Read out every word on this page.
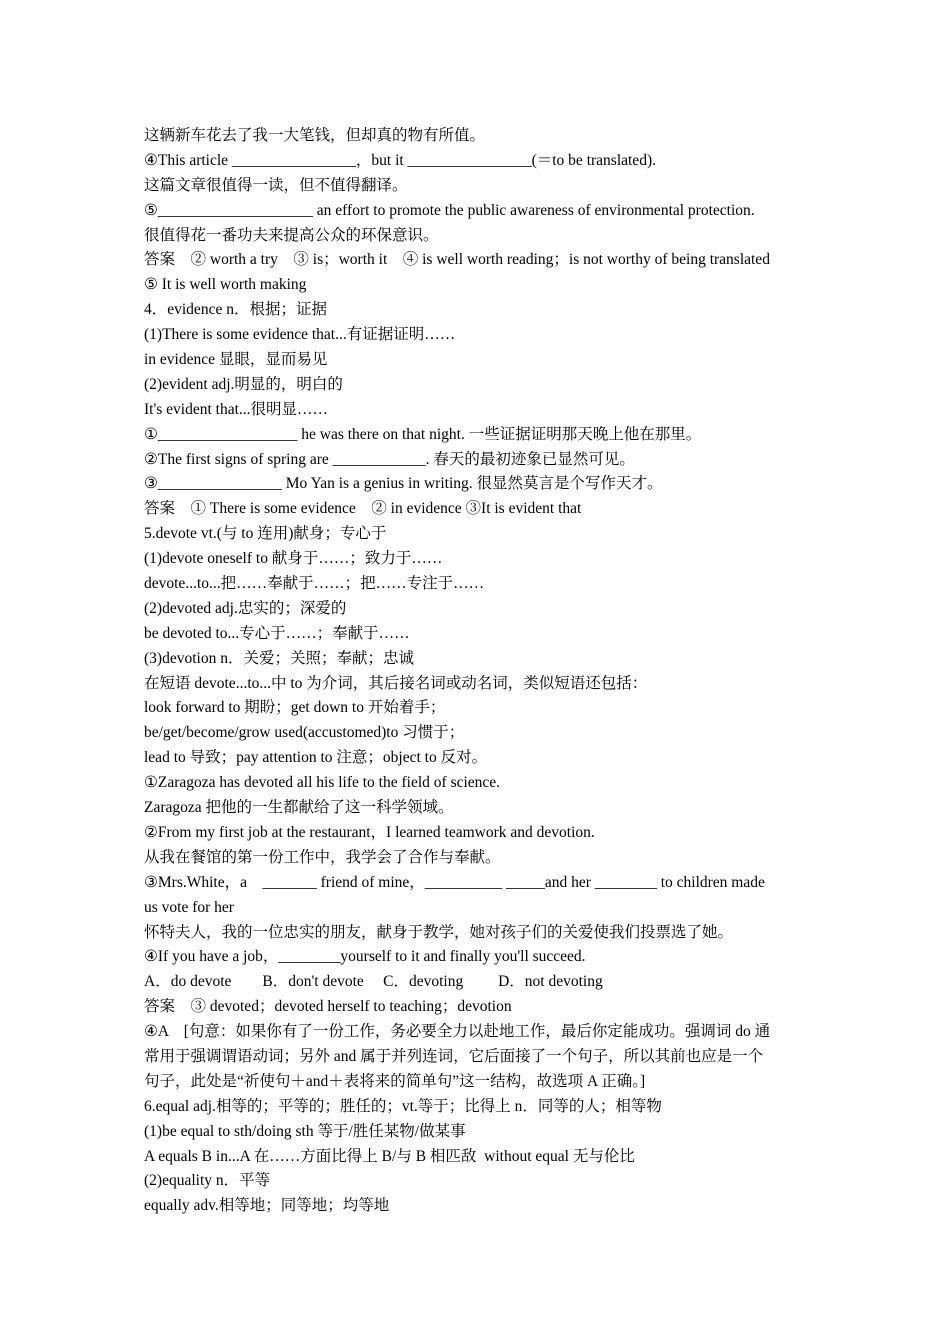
这辆新车花去了我一大笔钱，但却真的物有所值。
④This article ________________，but it ________________(＝to be translated).
这篇文章很值得一读，但不值得翻译。
⑤____________________ an effort to promote the public awareness of environmental protection.
很值得花一番功夫来提高公众的环保意识。
答案　② worth a try　③ is；worth it　④ is well worth reading；is not worthy of being translated
⑤ It is well worth making
4．evidence n．根据；证据
(1)There is some evidence that...有证据证明……
in evidence 显眼，显而易见
(2)evident adj.明显的，明白的
It's evident that...很明显……
①__________________ he was there on that night. 一些证据证明那天晚上他在那里。
②The first signs of spring are ____________. 春天的最初迹象已显然可见。
③________________ Mo Yan is a genius in writing. 很显然莫言是个写作天才。
答案　① There is some evidence　② in evidence ③It is evident that
5.devote vt.(与 to 连用)献身；专心于
(1)devote oneself to 献身于……；致力于……
devote...to...把……奉献于……；把……专注于……
(2)devoted adj.忠实的；深爱的
be devoted to...专心于……；奉献于……
(3)devotion n．关爱；关照；奉献；忠诚
在短语 devote...to...中 to 为介词，其后接名词或动名词，类似短语还包括：
look forward to 期盼；get down to 开始着手；
be/get/become/grow used(accustomed)to 习惯于；
lead to 导致；pay attention to 注意；object to 反对。
①Zaragoza has devoted all his life to the field of science.
Zaragoza 把他的一生都献给了这一科学领域。
②From my first job at the restaurant，I learned teamwork and devotion.
从我在餐馆的第一份工作中，我学会了合作与奉献。
③Mrs.White，a　_______ friend of mine，__________ _____and her ________ to children made
us vote for her
怀特夫人，我的一位忠实的朋友，献身于教学，她对孩子们的关爱使我们投票选了她。
④If you have a job，________yourself to it and finally you'll succeed.
A．do devote　　B．don't devote　 C．devoting　　 D．not devoting
答案　③ devoted；devoted herself to teaching；devotion
④A　[句意：如果你有了一份工作，务必要全力以赴地工作，最后你定能成功。强调词 do 通
常用于强调谓语动词；另外 and 属于并列连词，它后面接了一个句子，所以其前也应是一个
句子，此处是“祈使句＋and＋表将来的简单句”这一结构，故选项 A 正确。]
6.equal adj.相等的；平等的；胜任的；vt.等于；比得上 n．同等的人；相等物
(1)be equal to sth/doing sth 等于/胜任某物/做某事
A equals B in...A 在……方面比得上 B/与 B 相匹敌  without equal 无与伦比
(2)equality n．平等
equally adv.相等地；同等地；均等地
